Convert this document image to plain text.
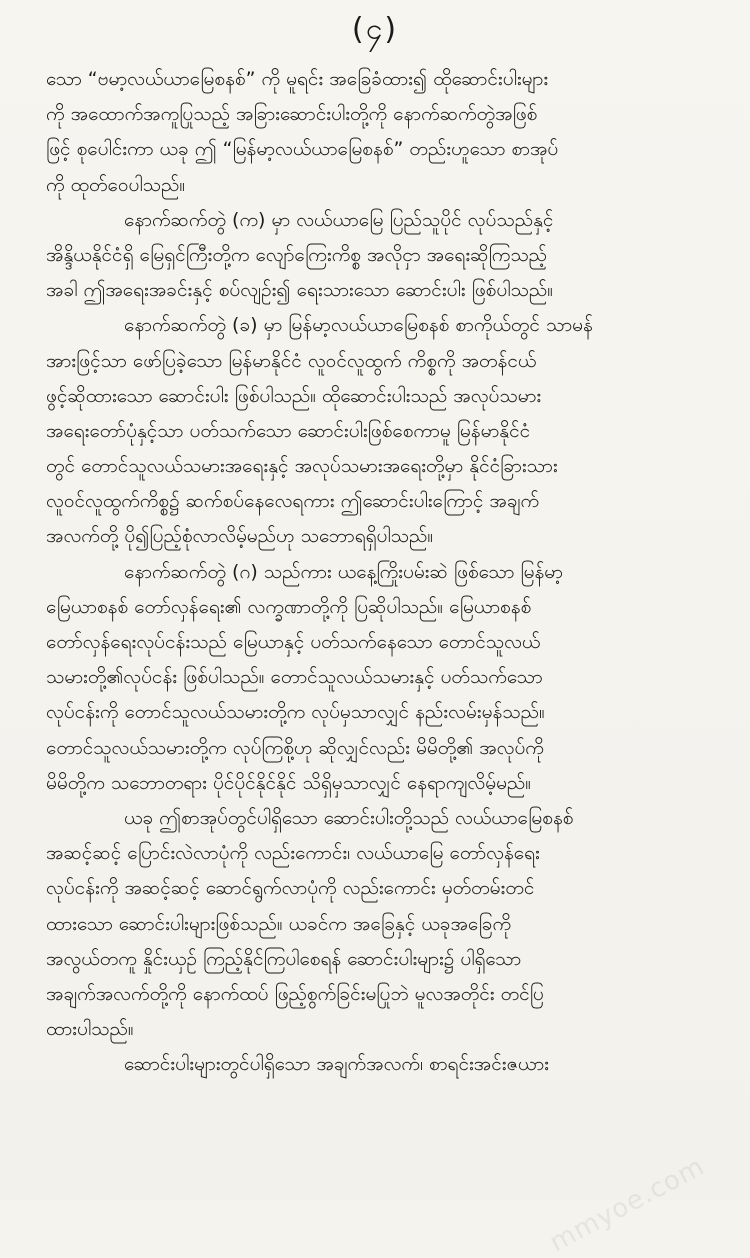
(၄)
သော “ဗမာ့လယ်ယာမြေစနစ်” ကို မူရင်း အခြေခံထား၍ ထိုဆောင်းပါးများ
ကို အထောက်အကူပြုသည့် အခြားဆောင်းပါးတို့ကို နောက်ဆက်တွဲအဖြစ်
ဖြင့် စုပေါင်းကာ ယခု ဤ “မြန်မာ့လယ်ယာမြေစနစ်” တည်းဟူသော စာအုပ်
ကို ထုတ်ဝေပါသည်။
နောက်ဆက်တွဲ (က) မှာ လယ်ယာမြေ ပြည်သူပိုင် လုပ်သည်နှင့်
အိန္ဒိယနိုင်ငံရှိ မြေရှင်ကြီးတို့က လျော်ကြေးကိစ္စ အလိုငှာ အရေးဆိုကြသည့်
အခါ ဤအရေးအခင်းနှင့် စပ်လျဉ်း၍ ရေးသားသော ဆောင်းပါး ဖြစ်ပါသည်။
နောက်ဆက်တွဲ (ခ) မှာ မြန်မာ့လယ်ယာမြေစနစ် စာကိုယ်တွင် သာမန်
အားဖြင့်သာ ဖော်ပြခဲ့သော မြန်မာနိုင်ငံ လူဝင်လူထွက် ကိစ္စကို အတန်ငယ်
ဖွင့်ဆိုထားသော ဆောင်းပါး ဖြစ်ပါသည်။ ထိုဆောင်းပါးသည် အလုပ်သမား
အရေးတော်ပုံနှင့်သာ ပတ်သက်သော ဆောင်းပါးဖြစ်စေကာမူ မြန်မာနိုင်ငံ
တွင် တောင်သူလယ်သမားအရေးနှင့် အလုပ်သမားအရေးတို့မှာ နိုင်ငံခြားသား
လူဝင်လူထွက်ကိစ္စ၌ ဆက်စပ်နေလေရကား ဤဆောင်းပါးကြောင့် အချက်
အလက်တို့ ပို၍ပြည့်စုံလာလိမ့်မည်ဟု သဘောရရှိပါသည်။
နောက်ဆက်တွဲ (ဂ) သည်ကား ယနေ့ကြိုးပမ်းဆဲ ဖြစ်သော မြန်မာ့
မြေယာစနစ် တော်လှန်ရေး၏ လက္ခဏာတို့ကို ပြဆိုပါသည်။ မြေယာစနစ်
တော်လှန်ရေးလုပ်ငန်းသည် မြေယာနှင့် ပတ်သက်နေသော တောင်သူလယ်
သမားတို့၏လုပ်ငန်း ဖြစ်ပါသည်။ တောင်သူလယ်သမားနှင့် ပတ်သက်သော
လုပ်ငန်းကို တောင်သူလယ်သမားတို့က လုပ်မှသာလျှင် နည်းလမ်းမှန်သည်။
တောင်သူလယ်သမားတို့က လုပ်ကြစို့ဟု ဆိုလျှင်လည်း မိမိတို့၏ အလုပ်ကို
မိမိတို့က သဘောတရား ပိုင်ပိုင်နိုင်နိုင် သိရှိမှသာလျှင် နေရာကျလိမ့်မည်။
ယခု ဤစာအုပ်တွင်ပါရှိသော ဆောင်းပါးတို့သည် လယ်ယာမြေစနစ်
အဆင့်ဆင့် ပြောင်းလဲလာပုံကို လည်းကောင်း၊ လယ်ယာမြေ တော်လှန်ရေး
လုပ်ငန်းကို အဆင့်ဆင့် ဆောင်ရွက်လာပုံကို လည်းကောင်း မှတ်တမ်းတင်
ထားသော ဆောင်းပါးများဖြစ်သည်။ ယခင်က အခြေနှင့် ယခုအခြေကို
အလွယ်တကူ နှိုင်းယှဉ် ကြည့်နိုင်ကြပါစေရန် ဆောင်းပါးများ၌ ပါရှိသော
အချက်အလက်တို့ကို နောက်ထပ် ဖြည့်စွက်ခြင်းမပြုဘဲ မူလအတိုင်း တင်ပြ
ထားပါသည်။
ဆောင်းပါးများတွင်ပါရှိသော အချက်အလက်၊ စာရင်းအင်းဇယား
mmyoe.com
